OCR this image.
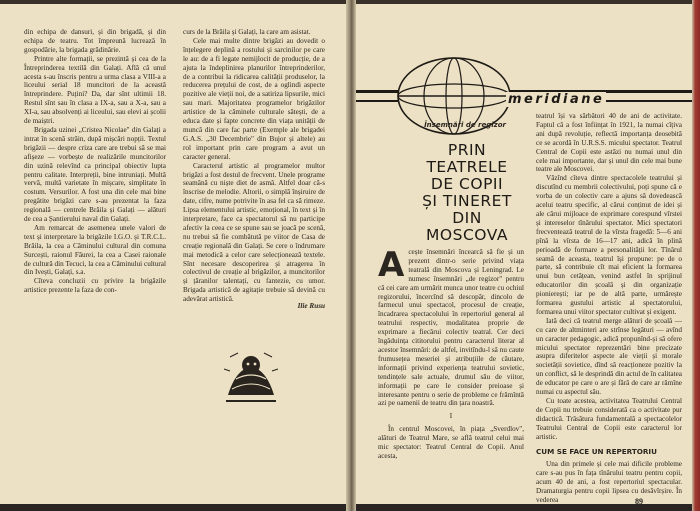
din echipa de dansuri, și din brigadă, și din echipa de teatru. Tot împreună lucrează în gospodărie, la brigada grădinărie.

Printre alte formații, se prezintă și cea de la Întreprinderea textilă din Galați. Află că unul acesta s-au înscris pentru a urma clasa a VIII-a a liceului serial 18 muncitori de la această întreprindere. Puțini? Da, dar sînt ultimii 18. Restul sînt sau în clasa a IX-a, sau a X-a, sau a XI-a, sau absolvenți ai liceului, sau elevi ai școlii de maiștri.

Brigada uzinei „Cristea Nicolae" din Galați a intrat în scenă străin, după mișcări nopții. Textul brigăzii — despre criza care are trebui să se mai afișeze — vorbește de realizările muncitorilor din uzină relevînd ca principal obiectiv lupta pentru calitate. Interpreții, bine intruniați. Multă vervă, multă varietate în mișcare, simplitate în costum. Versurilor. A fost una din cele mai bine pregătite brigăzi care s-au prezentat la faza regională — centrele Brăila și Galați — alături de cea a Șantierului naval din Galați.

Am remarcat de asemenea unele valori de text și interpretare la brigăzile I.G.O. și T.R.C.L. Brăila, la cea a Căminului cultural din comuna Surcești, raionul Făurei, la cea a Casei raionale de cultură din Tecuci, la cea a Căminului cultural din Ivești, Galați, s.a.

Cîteva concluzii cu privire la brigăzile artistice prezente la faza de con-

curs de la Brăila și Galați, la care am asistat.

Cele mai multe dintre brigăzi au dovedit o înțelegere deplină a rostului și sarcinilor pe care le au: de a fi legate nemijlocit de producție, de a ajuta la îndeplinirea planurilor întreprinderilor, de a contribui la ridicarea calității produselor, la reducerea prețului de cost, de a oglindi aspecte pozitive ale vieții noi, de a satiriza lipsurile, mici sau mari. Majoritatea programelor brigăzilor artistice de la căminele culturale sătești, de a educa date și fapte concrete din viața unității de muncă din care fac parte (Exemple ale brigadei G.A.S. „30 Decembrie" din Bujor și altele) au rol important prin care program a avut un caracter general.

Caracterul artistic al programelor multor brigăzi a fost destul de frecvent. Unele programe seamănă cu niște diet de asmă. Altfel doar că-s înscrise de melodie. Altorii, o simplă înșiruire de date, cifre, nume potrivite în asa fel ca să rimeze. Lipsa elementului artistic, emoțional, în text și în interpretare, face ca spectatorul să nu participe afectiv la ceea ce se spune sau se joacă pe scenă, nu trebui să fie combătută pe viitor de Casa de creație regională din Galați. Se cere o îndrumare mai metodică a celor care selecționează textele. Sînt necesare descoperirea și atragerea în colectivul de creație al brigăzilor, a muncitorilor și țăranilor talentați, cu fantezie, cu umor. Brigada artistică de agitație trebuie să devină cu adevărat artistică.

Ilie Rusu

meridiane
Însemnări de regizor
PRIN
TEATRELE
DE COPII
ȘI TINERET
DIN
MOSCOVA

Acește însemnări încearcă să fie și un prezent dintr-o serie privind viața teatrală din Moscova și Leningrad. Le numesc însemnări „de regizor" pentru că cei care am urmărit munca unor teatre cu ochiul regizorului, încercînd să descopăr, dincolo de farmecul unui spectacol, procesul de creație, încadrarea spectacolului în repertoriul general al teatrului respectiv, modalitatea proprie de exprimare a fiecărui colectiv teatral. Cer deci îngăduința cititorului pentru caracterul literar al acestor însemnări: de altfel, invitîndu-l să nu caute frumusețea meseriei și atribuțiile de căutare, informații privind experiența teatrului sovietic, tendințele sale actuale, drumul său de viitor, informații pe care le consider preioase și interesante pentru o serie de probleme ce frămîntă azi pe oamenii de teatru din țara noastră.

I

În centrul Moscovei, în piața „Sverdlov", alături de Teatrul Mare, se află teatrul celui mai mic spectator: Teatrul Central de Copii. Anul acesta,

teatrul își va sărbători 40 de ani de activitate. Faptul că a fost înființat în 1921, la numai cîțiva ani după revoluție, reflectă importanța deosebită ce se acordă în U.R.S.S. micului spectator. Teatrul Central de Copii este astăzi nu numai unul din cele mai importante, dar și unul din cele mai bune teatre ale Moscovei.

Văzînd cîteva dintre spectacolele teatrului și discutînd cu membrii colectivului, poți spune că e vorba de un colectiv care a ajuns să dovedească acelui teatru specific, al cărui conținut de idei și ale cărui mijloace de exprimare corespund vîrstei și intereselor tînărului spectator. Mici spectatori frecventează teatrul de la vîrsta fragedă: 5—6 ani pînă la vîrsta de 16—17 ani, adică în plină perioadă de formare a personalității lor. Tînărul seamă de aceasta, teatrul își propune: pe de o parte, să contribuie cît mai eficient la formarea unui bun cetățean, venind astfel în sprijinul educatorilor din școală și din organizație pionierești; iar pe de altă parte, urmărește formarea gustului artistic al spectatorului, formarea unui viitor spectator cultivat și exigent.

Iată deci că teatrul merge alături de școală — cu care de altminteri are strînse legături — avînd un caracter pedagogic, adică propunînd-și să ofere micului spectator reprezentări bine precizate asupra diferitelor aspecte ale vieții și morale societății sovietice, dînd să reacționeze pozitiv la un conflict, să le desprindă din actul de în calitatea de educator pe care o are și fără de care ar rămîne numai cu aspectul său.

Cu toate acestea, activitatea Teatrului Central de Copii nu trebuie considerată ca o activitate pur didactică. Trăsătura fundamentală a spectacolelor Teatrului Central de Copii este caracterul lor artistic.

CUM SE FACE UN REPERTORIU

Una din primele și cele mai dificile probleme care s-au pus în fața tînărului teatru pentru copii, acum 40 de ani, a fost repertoriul spectacular. Dramaturgia pentru copii lipsea cu desăvîrșire. În vederea	89
